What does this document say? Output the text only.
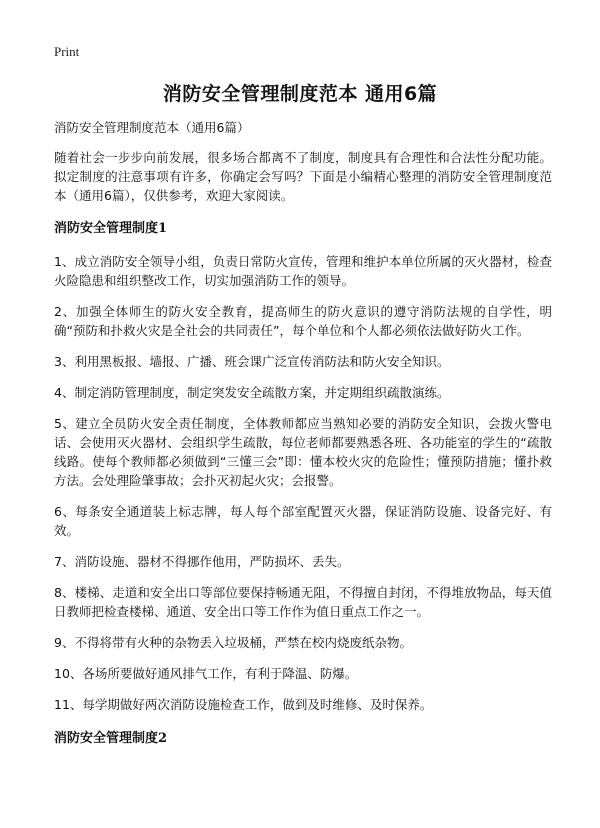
Print
消防安全管理制度范本 通用6篇

消防安全管理制度范本（通用6篇）

随着社会一步步向前发展，很多场合都离不了制度，制度具有合理性和合法性分配功能。拟定制度的注意事项有许多，你确定会写吗？下面是小编精心整理的消防安全管理制度范本（通用6篇），仅供参考，欢迎大家阅读。

消防安全管理制度1
1、成立消防安全领导小组，负责日常防火宣传，管理和维护本单位所属的灭火器材，检查火险隐患和组织整改工作，切实加强消防工作的领导。
2、加强全体师生的防火安全教育，提高师生的防火意识的遵守消防法规的自学性，明确“预防和扑救火灾是全社会的共同责任”，每个单位和个人都必须依法做好防火工作。
3、利用黑板报、墙报、广播、班会课广泛宣传消防法和防火安全知识。
4、制定消防管理制度，制定突发安全疏散方案，并定期组织疏散演练。
5、建立全员防火安全责任制度，全体教师都应当熟知必要的消防安全知识，会拨火警电话、会使用灭火器材、会组织学生疏散，每位老师都要熟悉各班、各功能室的学生的“疏散线路。使每个教师都必须做到“三懂三会”即：懂本校火灾的危险性；懂预防措施；懂扑救方法。会处理险肇事故；会扑灭初起火灾；会报警。
6、每条安全通道装上标志牌，每人每个部室配置灭火器，保证消防设施、设备完好、有效。
7、消防设施、器材不得挪作他用，严防损坏、丢失。
8、楼梯、走道和安全出口等部位要保持畅通无阻，不得擅自封闭，不得堆放物品，每天值日教师把检查楼梯、通道、安全出口等工作作为值日重点工作之一。
9、不得将带有火种的杂物丢入垃圾桶，严禁在校内烧废纸杂物。
10、各场所要做好通风排气工作，有利于降温、防爆。
11、每学期做好两次消防设施检查工作，做到及时维修、及时保养。
消防安全管理制度2
